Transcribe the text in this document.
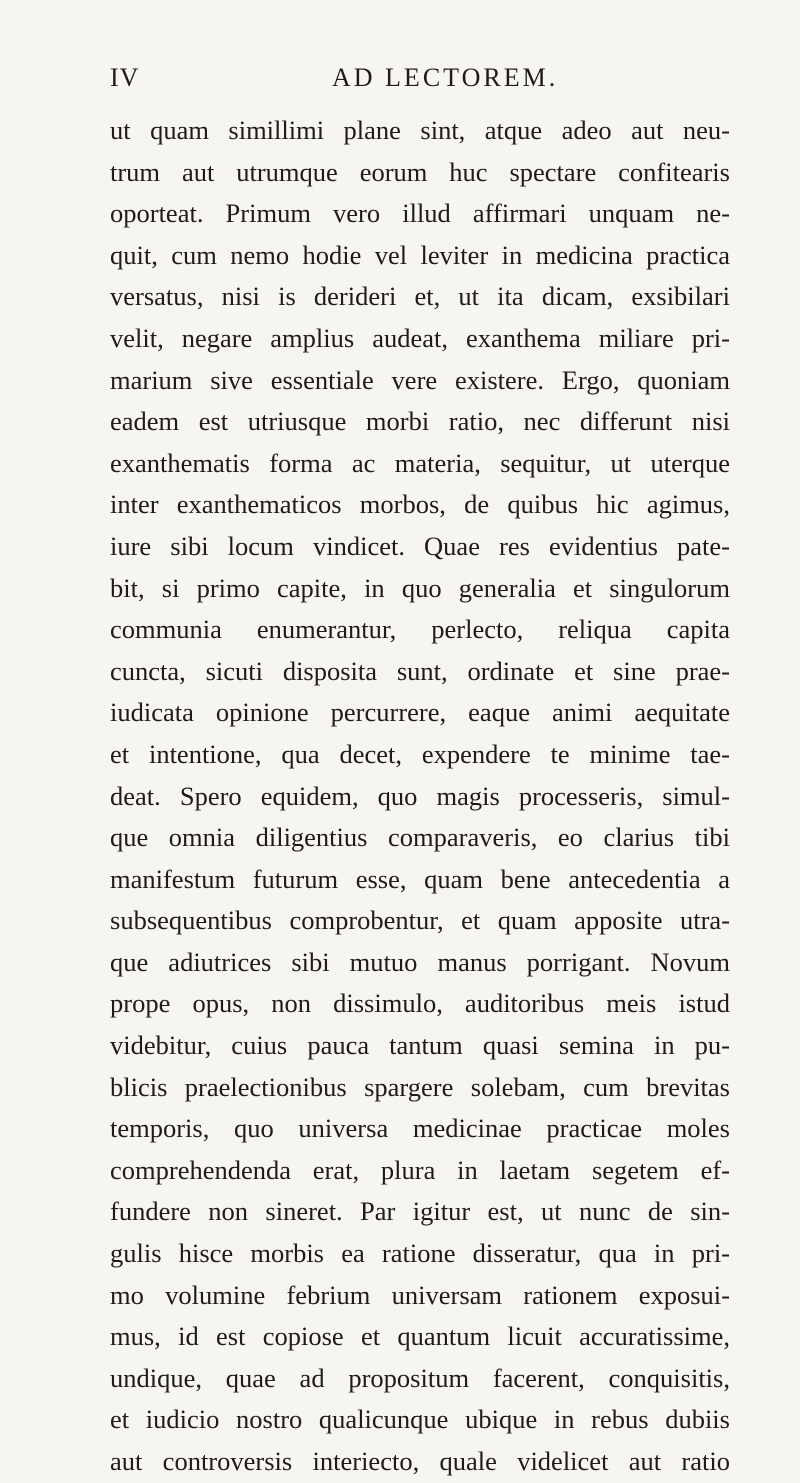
IV	AD LECTOREM.
ut quam simillimi plane sint, atque adeo aut neu-
trum aut utrumque eorum huc spectare confitearis
oporteat. Primum vero illud affirmari unquam ne-
quit, cum nemo hodie vel leviter in medicina practica
versatus, nisi is derideri et, ut ita dicam, exsibilari
velit, negare amplius audeat, exanthema miliare pri-
marium sive essentiale vere existere. Ergo, quoniam
eadem est utriusque morbi ratio, nec differunt nisi
exanthematis forma ac materia, sequitur, ut uterque
inter exanthematicos morbos, de quibus hic agimus,
iure sibi locum vindicet. Quae res evidentius pate-
bit, si primo capite, in quo generalia et singulorum
communia enumerantur, perlecto, reliqua capita
cuncta, sicuti disposita sunt, ordinate et sine prae-
iudicata opinione percurrere, eaque animi aequitate
et intentione, qua decet, expendere te minime tae-
deat. Spero equidem, quo magis processeris, simul-
que omnia diligentius comparaveris, eo clarius tibi
manifestum futurum esse, quam bene antecedentia a
subsequentibus comprobentur, et quam apposite utra-
que adiutrices sibi mutuo manus porrigant. Novum
prope opus, non dissimulo, auditoribus meis istud
videbitur, cuius pauca tantum quasi semina in pu-
blicis praelectionibus spargere solebam, cum brevitas
temporis, quo universa medicinae practicae moles
comprehendenda erat, plura in laetam segetem ef-
fundere non sineret. Par igitur est, ut nunc de sin-
gulis hisce morbis ea ratione disseratur, qua in pri-
mo volumine febrium universam rationem exposui-
mus, id est copiose et quantum licuit accuratissime,
undique, quae ad propositum facerent, conquisitis,
et iudicio nostro qualicunque ubique in rebus dubiis
aut controversis interiecto, quale videlicet aut ratio
